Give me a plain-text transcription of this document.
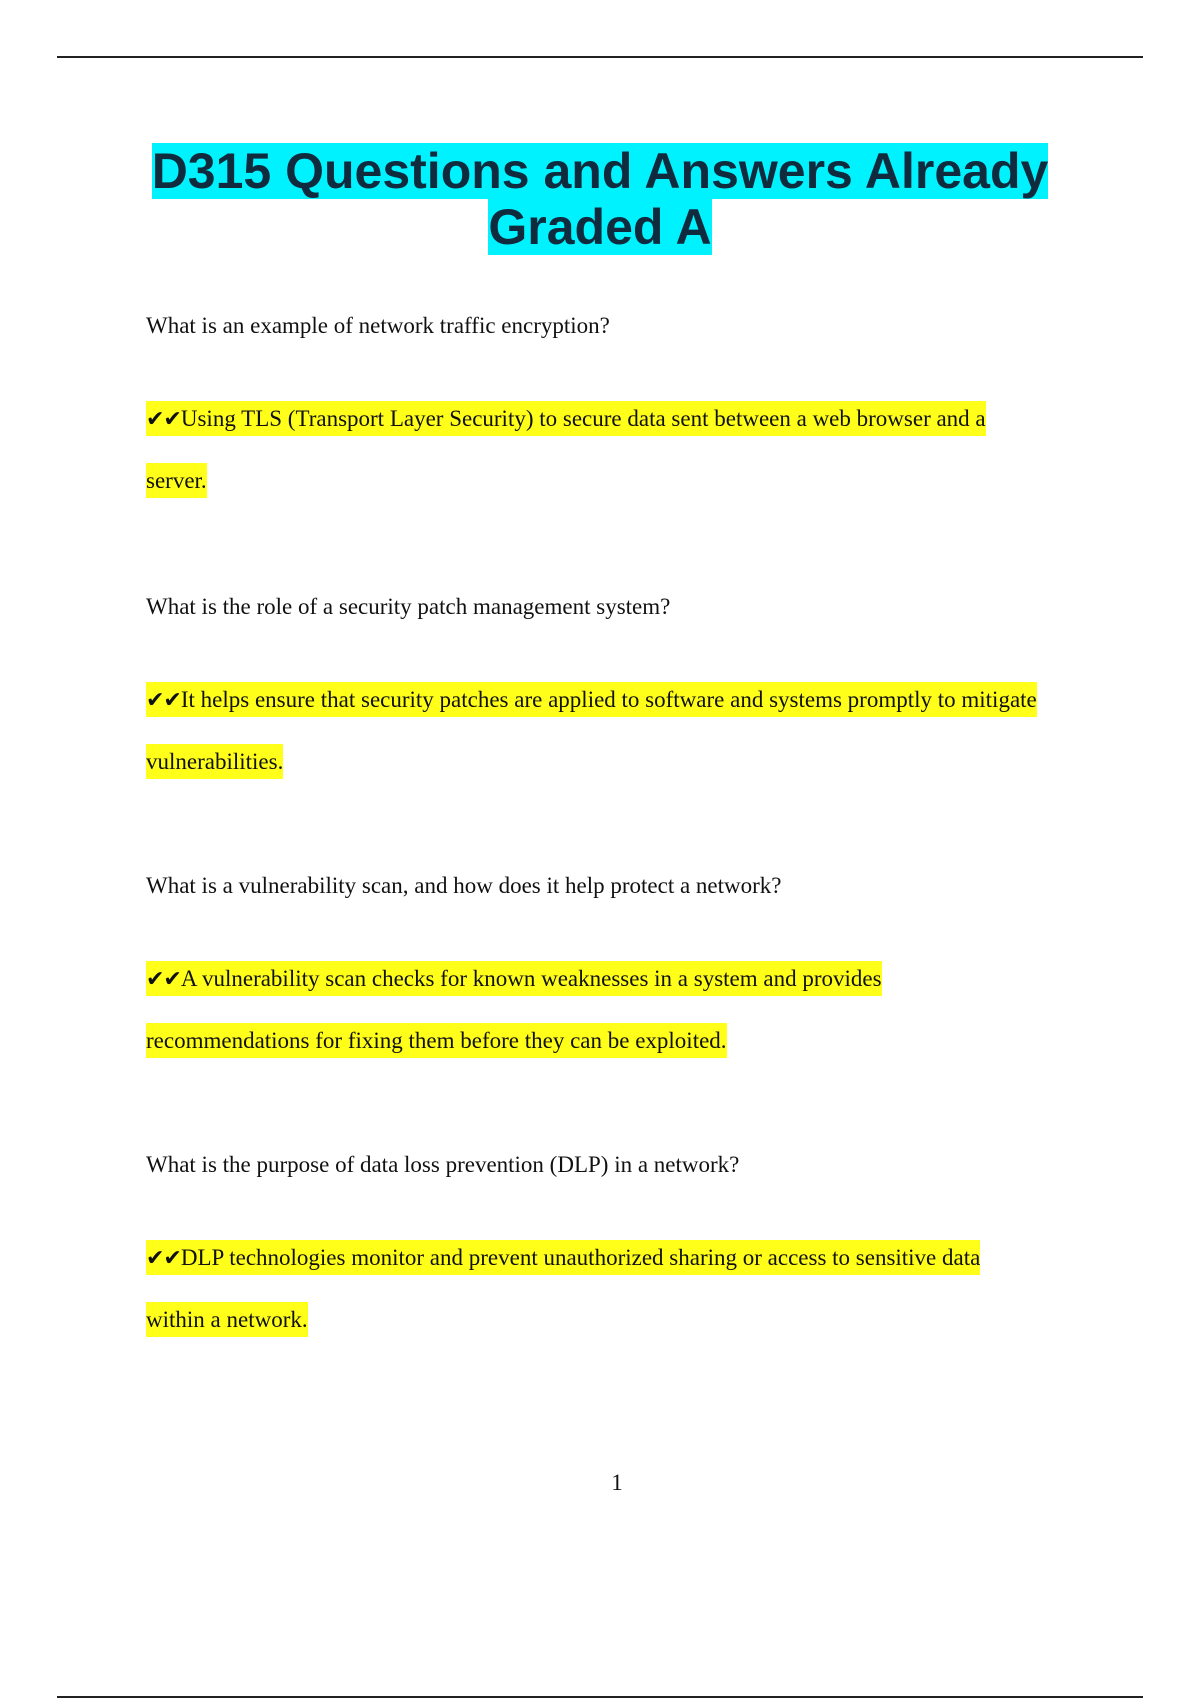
D315 Questions and Answers Already Graded A

What is an example of network traffic encryption?

✔✔Using TLS (Transport Layer Security) to secure data sent between a web browser and a server.

What is the role of a security patch management system?

✔✔It helps ensure that security patches are applied to software and systems promptly to mitigate vulnerabilities.

What is a vulnerability scan, and how does it help protect a network?

✔✔A vulnerability scan checks for known weaknesses in a system and provides recommendations for fixing them before they can be exploited.

What is the purpose of data loss prevention (DLP) in a network?

✔✔DLP technologies monitor and prevent unauthorized sharing or access to sensitive data within a network.
1
